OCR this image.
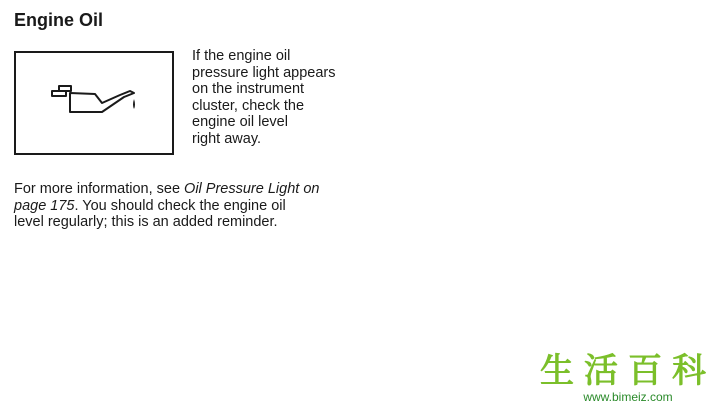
Engine Oil

If the engine oil
pressure light appears
on the instrument
cluster, check the
engine oil level
right away.

For more information, see Oil Pressure Light on
page 175. You should check the engine oil
level regularly; this is an added reminder.

生活百科
www.bimeiz.com
